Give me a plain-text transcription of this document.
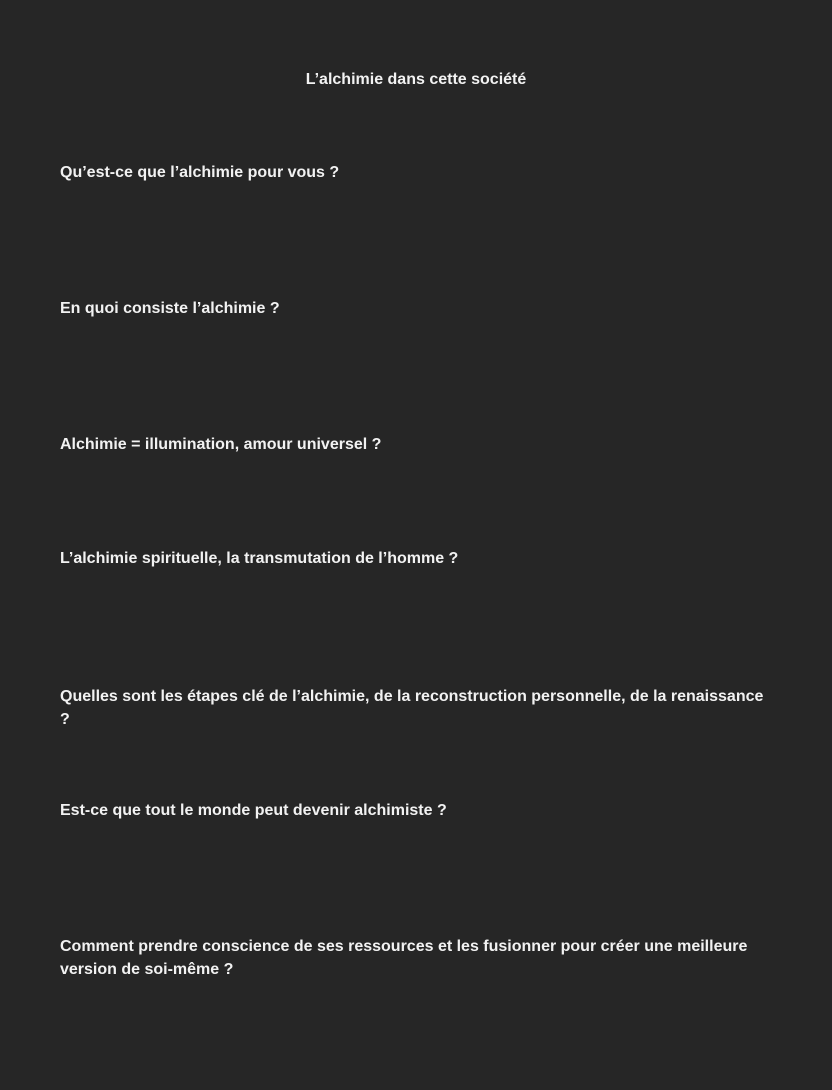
L’alchimie dans cette société
Qu’est-ce que l’alchimie pour vous ?
En quoi consiste l’alchimie ?
Alchimie = illumination, amour universel ?
L’alchimie spirituelle, la transmutation de l’homme ?
Quelles sont les étapes clé de l’alchimie, de la reconstruction personnelle, de la renaissance ?
Est-ce que tout le monde peut devenir alchimiste ?
Comment prendre conscience de ses ressources et les fusionner pour créer une meilleure version de soi-même ?
